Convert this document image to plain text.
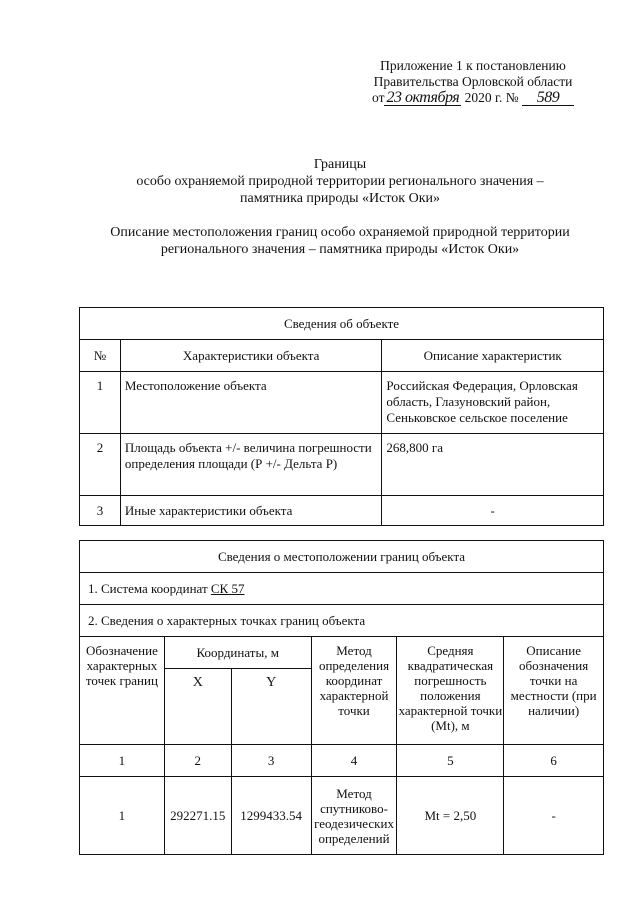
Приложение 1 к постановлению
Правительства Орловской области
от 23 октября 2020 г. № 589
Границы
особо охраняемой природной территории регионального значения –
памятника природы «Исток Оки»
Описание местоположения границ особо охраняемой природной территории
регионального значения – памятника природы «Исток Оки»
Сведения об объекте		
№	Характеристики объекта	Описание характеристик
1	Местоположение объекта	Российская Федерация, Орловская область, Глазуновский район, Сеньковское сельское поселение
2	Площадь объекта +/- величина погрешности определения площади (Р +/- Дельта Р)	268,800 га
3	Иные характеристики объекта	-
Сведения о местоположении границ объекта					
1. Система координат СК 57					
2. Сведения о характерных точках границ объекта					
Обозначение характерных точек границ	Координаты, м		Метод определения координат характерной точки	Средняя квадратическая погрешность положения характерной точки (Mt), м	Описание обозначения точки на местности (при наличии)
	X	Y			
1	2	3	4	5	6
1	292271.15	1299433.54	Метод спутниково-геодезических определений	Mt = 2,50	-
